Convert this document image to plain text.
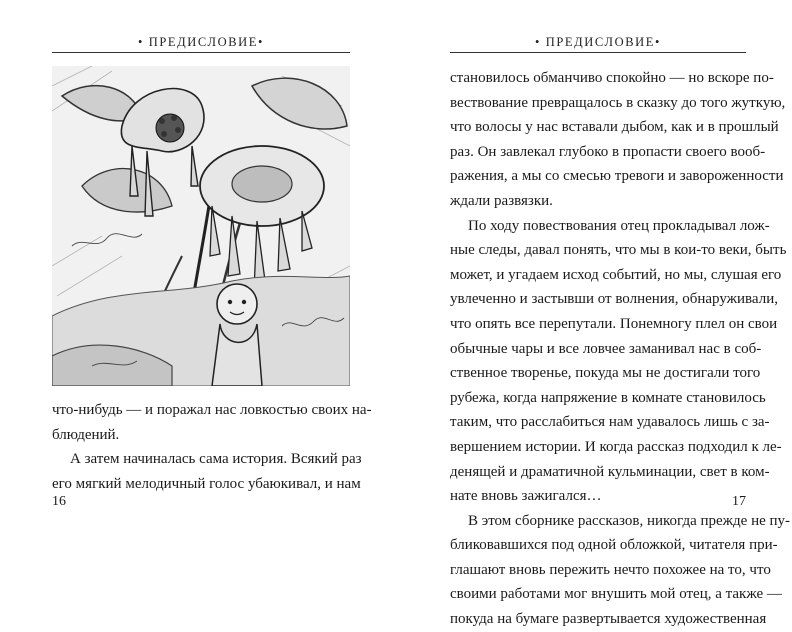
• ПРЕДИСЛОВИЕ•
что-нибудь — и поражал нас ловкостью своих на-
блюдений.
А затем начиналась сама история. Всякий раз
его мягкий мелодичный голос убаюкивал, и нам
16
• ПРЕДИСЛОВИЕ•
становилось обманчиво спокойно — но вскоре по-
вествование превращалось в сказку до того жуткую,
что волосы у нас вставали дыбом, как и в прошлый
раз. Он завлекал глубоко в пропасти своего вооб-
ражения, а мы со смесью тревоги и завороженности
ждали развязки.
По ходу повествования отец прокладывал лож-
ные следы, давал понять, что мы в кои-то веки, быть
может, и угадаем исход событий, но мы, слушая его
увлеченно и застывши от волнения, обнаруживали,
что опять все перепутали. Понемногу плел он свои
обычные чары и все ловчее заманивал нас в соб-
ственное творенье, покуда мы не достигали того
рубежа, когда напряжение в комнате становилось
таким, что расслабиться нам удавалось лишь с за-
вершением истории. И когда рассказ подходил к ле-
денящей и драматичной кульминации, свет в ком-
нате вновь зажигался…
В этом сборнике рассказов, никогда прежде не пу-
бликовавшихся под одной обложкой, читателя при-
глашают вновь пережить нечто похожее на то, что
своими работами мог внушить мой отец, а также —
покуда на бумаге развертывается художественная
17
